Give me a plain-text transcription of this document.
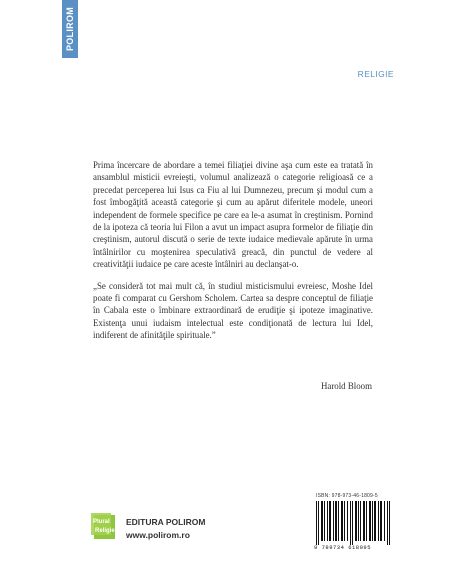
POLIROM
RELIGIE

Prima încercare de abordare a temei filiaţiei divine aşa cum este ea tratată în ansamblul misticii evreieşti, volumul analizează o categorie religioasă ce a precedat perceperea lui Isus ca Fiu al lui Dumnezeu, precum şi modul cum a fost îmbogăţită această categorie şi cum au apărut diferitele modele, uneori independent de formele specifice pe care ea le-a asumat în creştinism. Pornind de la ipoteza că teoria lui Filon a avut un impact asupra formelor de filiaţie din creştinism, autorul discută o serie de texte iudaice medievale apărute în urma întâlnirilor cu moştenirea speculativă greacă, din punctul de vedere al creativităţii iudaice pe care aceste întâlniri au declanşat-o.

„Se consideră tot mai mult că, în studiul misticismului evreiesc, Moshe Idel poate fi comparat cu Gershom Scholem. Cartea sa despre conceptul de filiaţie în Cabala este o îmbinare extraordinară de erudiţie şi ipoteze imaginative. Existenţa unui iudaism intelectual este condiţionată de lectura lui Idel, indiferent de afinităţile spirituale.”

Harold Bloom
ISBN: 978-973-46-1809-5
9 789734 618095
Plural
Religie
EDITURA POLIROM
www.polirom.ro
